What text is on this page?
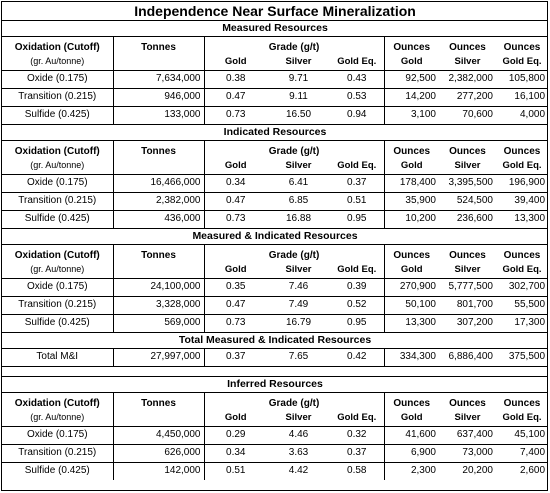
Independence Near Surface Mineralization							
Measured Resources							
Oxidation (Cutoff)	Tonnes	Grade (g/t)			Ounces	Ounces	Ounces
(gr. Au/tonne)		Gold	Silver	Gold Eq.	Gold	Silver	Gold Eq.
Oxide (0.175)	7,634,000	0.38	9.71	0.43	92,500	2,382,000	105,800
Transition (0.215)	946,000	0.47	9.11	0.53	14,200	277,200	16,100
Sulfide (0.425)	133,000	0.73	16.50	0.94	3,100	70,600	4,000
Indicated Resources							
Oxidation (Cutoff)	Tonnes	Grade (g/t)			Ounces	Ounces	Ounces
(gr. Au/tonne)		Gold	Silver	Gold Eq.	Gold	Silver	Gold Eq.
Oxide (0.175)	16,466,000	0.34	6.41	0.37	178,400	3,395,500	196,900
Transition (0.215)	2,382,000	0.47	6.85	0.51	35,900	524,500	39,400
Sulfide (0.425)	436,000	0.73	16.88	0.95	10,200	236,600	13,300
Measured & Indicated Resources							
Oxidation (Cutoff)	Tonnes	Grade (g/t)			Ounces	Ounces	Ounces
(gr. Au/tonne)		Gold	Silver	Gold Eq.	Gold	Silver	Gold Eq.
Oxide (0.175)	24,100,000	0.35	7.46	0.39	270,900	5,777,500	302,700
Transition (0.215)	3,328,000	0.47	7.49	0.52	50,100	801,700	55,500
Sulfide (0.425)	569,000	0.73	16.79	0.95	13,300	307,200	17,300
Total Measured & Indicated Resources							
Total M&I	27,997,000	0.37	7.65	0.42	334,300	6,886,400	375,500

Inferred Resources							
Oxidation (Cutoff)	Tonnes	Grade (g/t)			Ounces	Ounces	Ounces
(gr. Au/tonne)		Gold	Silver	Gold Eq.	Gold	Silver	Gold Eq.
Oxide (0.175)	4,450,000	0.29	4.46	0.32	41,600	637,400	45,100
Transition (0.215)	626,000	0.34	3.63	0.37	6,900	73,000	7,400
Sulfide (0.425)	142,000	0.51	4.42	0.58	2,300	20,200	2,600
